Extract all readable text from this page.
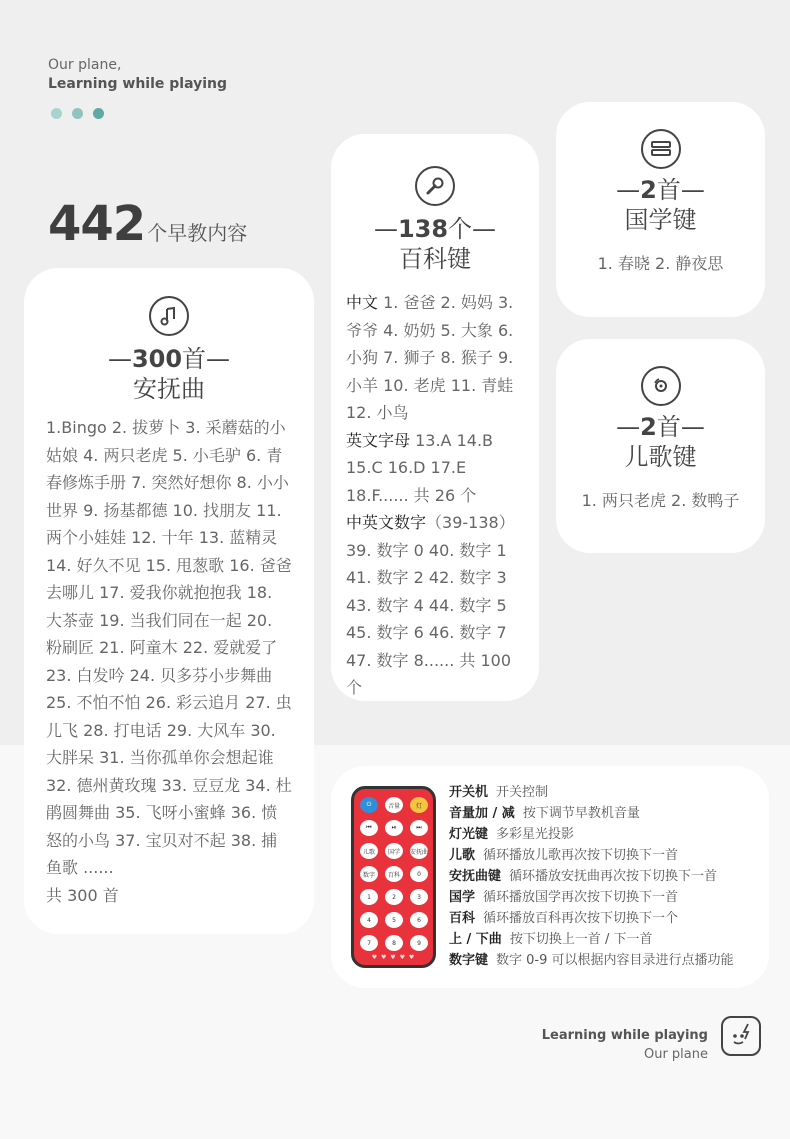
Our plane,
Learning while playing
442 个早教内容
—300首—
安抚曲
1.Bingo 2. 拔萝卜 3. 采蘑菇的小姑娘 4. 两只老虎 5. 小毛驴 6. 青春修炼手册 7. 突然好想你 8. 小小世界 9. 扬基都德 10. 找朋友 11. 两个小娃娃 12. 十年 13. 蓝精灵 14. 好久不见 15. 甩葱歌 16. 爸爸去哪儿 17. 爱我你就抱抱我 18. 大茶壶 19. 当我们同在一起 20. 粉刷匠 21. 阿童木 22. 爱就爱了 23. 白发吟 24. 贝多芬小步舞曲 25. 不怕不怕 26. 彩云追月 27. 虫儿飞 28. 打电话 29. 大风车 30. 大胖呆 31. 当你孤单你会想起谁 32. 德州黄玫瑰 33. 豆豆龙 34. 杜鹃圆舞曲 35. 飞呀小蜜蜂 36. 愤怒的小鸟 37. 宝贝对不起 38. 捕鱼歌 ......
共 300 首
—138个—
百科键
中文 1. 爸爸 2. 妈妈 3. 爷爷 4. 奶奶 5. 大象 6. 小狗 7. 狮子 8. 猴子 9. 小羊 10. 老虎 11. 青蛙 12. 小鸟
英文字母 13.A 14.B 15.C 16.D 17.E 18.F...... 共 26 个
中英文数字（39-138）
39. 数字 0 40. 数字 1 41. 数字 2 42. 数字 3 43. 数字 4 44. 数字 5 45. 数字 6 46. 数字 7 47. 数字 8...... 共 100 个
—2首—
国学键
1. 春晓 2. 静夜思
—2首—
儿歌键
1. 两只老虎 2. 数鸭子
⏻	音量	灯
⏮	⏯	⏭
儿歌	国学	安抚曲
数字	百科	0
1	2	3
4	5	6
7	8	9
♥ ♥ ♥ ♥ ♥
开关机 开关控制
音量加 / 减 按下调节早教机音量
灯光键 多彩星光投影
儿歌 循环播放儿歌再次按下切换下一首
安抚曲键 循环播放安抚曲再次按下切换下一首
国学 循环播放国学再次按下切换下一首
百科 循环播放百科再次按下切换下一个
上 / 下曲 按下切换上一首 / 下一首
数字键 数字 0-9 可以根据内容目录进行点播功能
Learning while playing
Our plane
